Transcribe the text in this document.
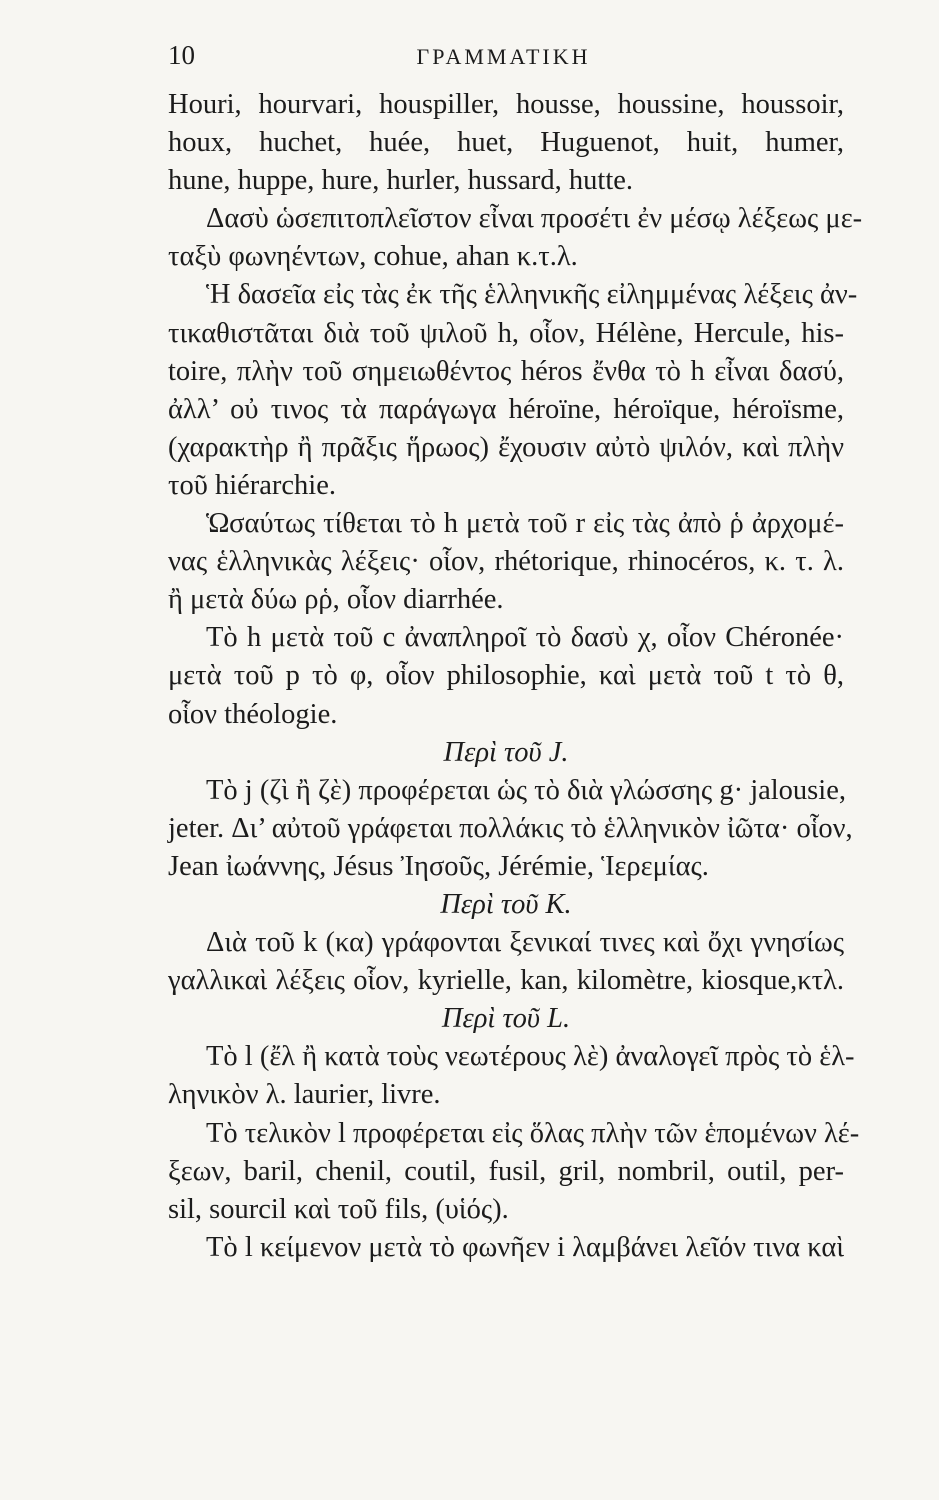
10	ΓΡΑΜΜΑΤΙΚΗ
Houri, hourvari, houspiller, housse, houssine, houssoir,
houx, huchet, huée, huet, Huguenot, huit, humer,
hune, huppe, hure, hurler, hussard, hutte.
Δασὺ ὡσεπιτοπλεῖστον εἶναι προσέτι ἐν μέσῳ λέξεως με-
ταξὺ φωνηέντων, cohue, ahan κ.τ.λ.
Ἡ δασεῖα εἰς τὰς ἐκ τῆς ἑλληνικῆς εἰλημμένας λέξεις ἀν-
τικαθιστᾶται διὰ τοῦ ψιλοῦ h, οἷον, Hélène, Hercule, his-
toire, πλὴν τοῦ σημειωθέντος héros ἔνθα τὸ h εἶναι δασύ,
ἀλλ’ οὐ τινος τὰ παράγωγα héroïne, héroïque, héroïsme,
(χαρακτὴρ ἢ πρᾶξις ἥρωος) ἔχουσιν αὐτὸ ψιλόν, καὶ πλὴν
τοῦ hiérarchie.
Ὡσαύτως τίθεται τὸ h μετὰ τοῦ r εἰς τὰς ἀπὸ ῥ ἀρχομέ-
νας ἑλληνικὰς λέξεις· οἷον, rhétorique, rhinocéros, κ. τ. λ.
ἢ μετὰ δύω ρῥ, οἷον diarrhée.
Τὸ h μετὰ τοῦ c ἀναπληροῖ τὸ δασὺ χ, οἷον Chéronée·
μετὰ τοῦ p τὸ φ, οἷον philosophie, καὶ μετὰ τοῦ t τὸ θ,
οἷον théologie.
Περὶ τοῦ J.
Τὸ j (ζὶ ἢ ζὲ) προφέρεται ὡς τὸ διὰ γλώσσης g· jalousie,
jeter. Δι’ αὐτοῦ γράφεται πολλάκις τὸ ἑλληνικὸν ἰῶτα· οἷον,
Jean ἰωάννης, Jésus Ἰησοῦς, Jérémie, Ἱερεμίας.
Περὶ τοῦ K.
Διὰ τοῦ k (κα) γράφονται ξενικαί τινες καὶ ὄχι γνησίως
γαλλικαὶ λέξεις οἷον, kyrielle, kan, kilomètre, kiosque,κτλ.
Περὶ τοῦ L.
Τὸ l (ἔλ ἢ κατὰ τοὺς νεωτέρους λὲ) ἀναλογεῖ πρὸς τὸ ἑλ-
ληνικὸν λ. laurier, livre.
Τὸ τελικὸν l προφέρεται εἰς ὅλας πλὴν τῶν ἑπομένων λέ-
ξεων, baril, chenil, coutil, fusil, gril, nombril, outil, per-
sil, sourcil καὶ τοῦ fils, (υἱός).
Τὸ l κείμενον μετὰ τὸ φωνῆεν i λαμβάνει λεῖόν τινα καὶ
